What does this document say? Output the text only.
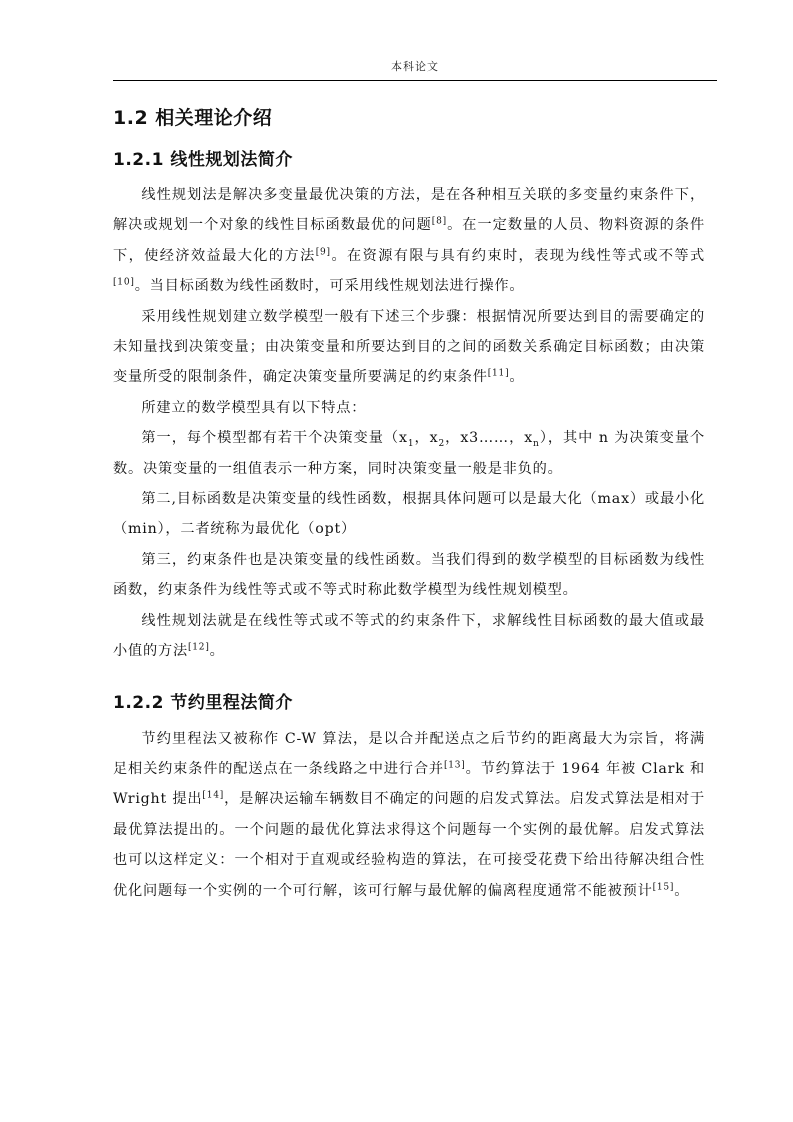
本科论文
1.2 相关理论介绍
1.2.1 线性规划法简介

线性规划法是解决多变量最优决策的方法，是在各种相互关联的多变量约束条件下，解决或规划一个对象的线性目标函数最优的问题[8]。在一定数量的人员、物料资源的条件下，使经济效益最大化的方法[9]。在资源有限与具有约束时，表现为线性等式或不等式[10]。当目标函数为线性函数时，可采用线性规划法进行操作。

采用线性规划建立数学模型一般有下述三个步骤：根据情况所要达到目的需要确定的未知量找到决策变量；由决策变量和所要达到目的之间的函数关系确定目标函数；由决策变量所受的限制条件，确定决策变量所要满足的约束条件[11]。

所建立的数学模型具有以下特点：

第一，每个模型都有若干个决策变量（$x_1$，$x_2$，x3……，$x_n$），其中 n 为决策变量个数。决策变量的一组值表示一种方案，同时决策变量一般是非负的。

第二,目标函数是决策变量的线性函数，根据具体问题可以是最大化（max）或最小化（min），二者统称为最优化（opt）

第三，约束条件也是决策变量的线性函数。当我们得到的数学模型的目标函数为线性函数，约束条件为线性等式或不等式时称此数学模型为线性规划模型。

线性规划法就是在线性等式或不等式的约束条件下，求解线性目标函数的最大值或最小值的方法[12]。

1.2.2 节约里程法简介

节约里程法又被称作 C-W 算法，是以合并配送点之后节约的距离最大为宗旨，将满足相关约束条件的配送点在一条线路之中进行合并[13]。节约算法于 1964 年被 Clark 和 Wright 提出[14]，是解决运输车辆数目不确定的问题的启发式算法。启发式算法是相对于最优算法提出的。一个问题的最优化算法求得这个问题每一个实例的最优解。启发式算法也可以这样定义：一个相对于直观或经验构造的算法，在可接受花费下给出待解决组合性优化问题每一个实例的一个可行解，该可行解与最优解的偏离程度通常不能被预计[15]。
